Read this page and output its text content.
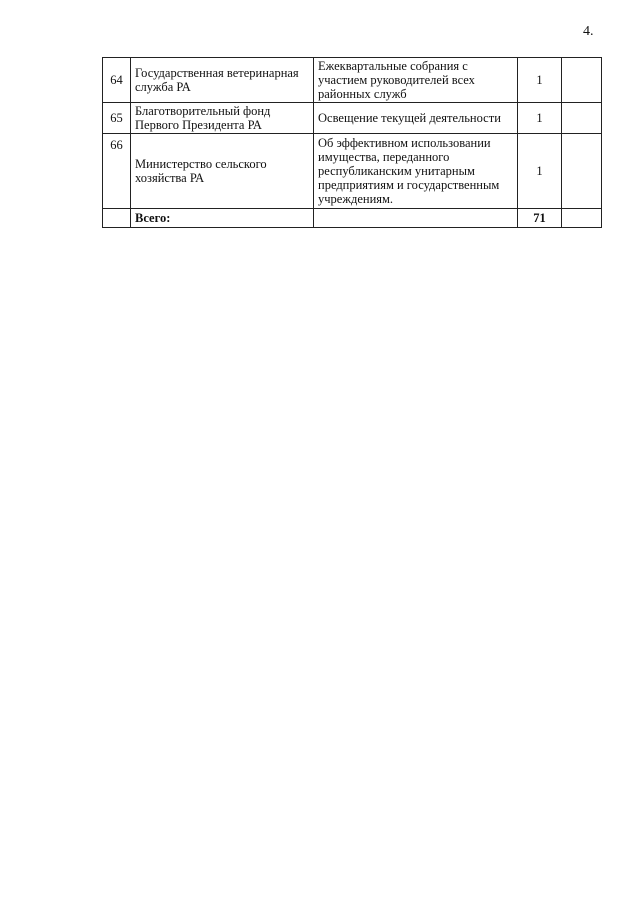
4.
64	Государственная ветеринарная служба РА	Ежеквартальные собрания с участием руководителей всех районных служб	1	
65	Благотворительный фонд Первого Президента РА	Освещение текущей деятельности	1	
66	Министерство сельского хозяйства РА	Об эффективном использовании имущества, переданного республиканским унитарным предприятиям и государственным учреждениям.	1	
	Всего:		71	
